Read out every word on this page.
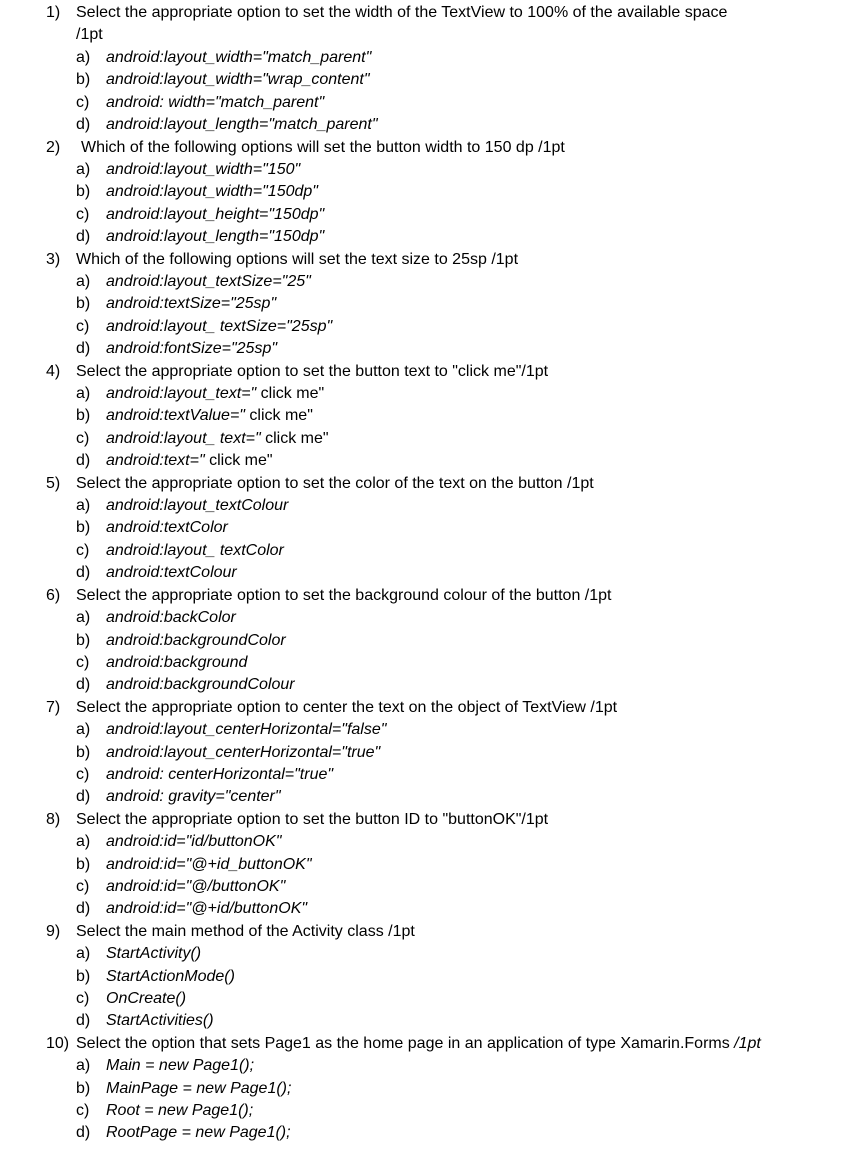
1) Select the appropriate option to set the width of the TextView to 100% of the available space
/1pt
a) android:layout_width="match_parent"
b) android:layout_width="wrap_content"
c) android: width="match_parent"
d) android:layout_length="match_parent"
2) Which of the following options will set the button width to 150 dp /1pt
a) android:layout_width="150"
b) android:layout_width="150dp"
c) android:layout_height="150dp"
d) android:layout_length="150dp"
3) Which of the following options will set the text size to 25sp /1pt
a) android:layout_textSize="25"
b) android:textSize="25sp"
c) android:layout_ textSize="25sp"
d) android:fontSize="25sp"
4) Select the appropriate option to set the button text to "click me"/1pt
a) android:layout_text=" click me"
b) android:textValue=" click me"
c) android:layout_ text=" click me"
d) android:text=" click me"
5) Select the appropriate option to set the color of the text on the button /1pt
a) android:layout_textColour
b) android:textColor
c) android:layout_ textColor
d) android:textColour
6) Select the appropriate option to set the background colour of the button /1pt
a) android:backColor
b) android:backgroundColor
c) android:background
d) android:backgroundColour
7) Select the appropriate option to center the text on the object of TextView /1pt
a) android:layout_centerHorizontal="false"
b) android:layout_centerHorizontal="true"
c) android: centerHorizontal="true"
d) android: gravity="center"
8) Select the appropriate option to set the button ID to "buttonOK"/1pt
a) android:id="id/buttonOK"
b) android:id="@+id_buttonOK"
c) android:id="@/buttonOK"
d) android:id="@+id/buttonOK"
9) Select the main method of the Activity class /1pt
a) StartActivity()
b) StartActionMode()
c) OnCreate()
d) StartActivities()
10) Select the option that sets Page1 as the home page in an application of type Xamarin.Forms /1pt
a) Main = new Page1();
b) MainPage = new Page1();
c) Root = new Page1();
d) RootPage = new Page1();
